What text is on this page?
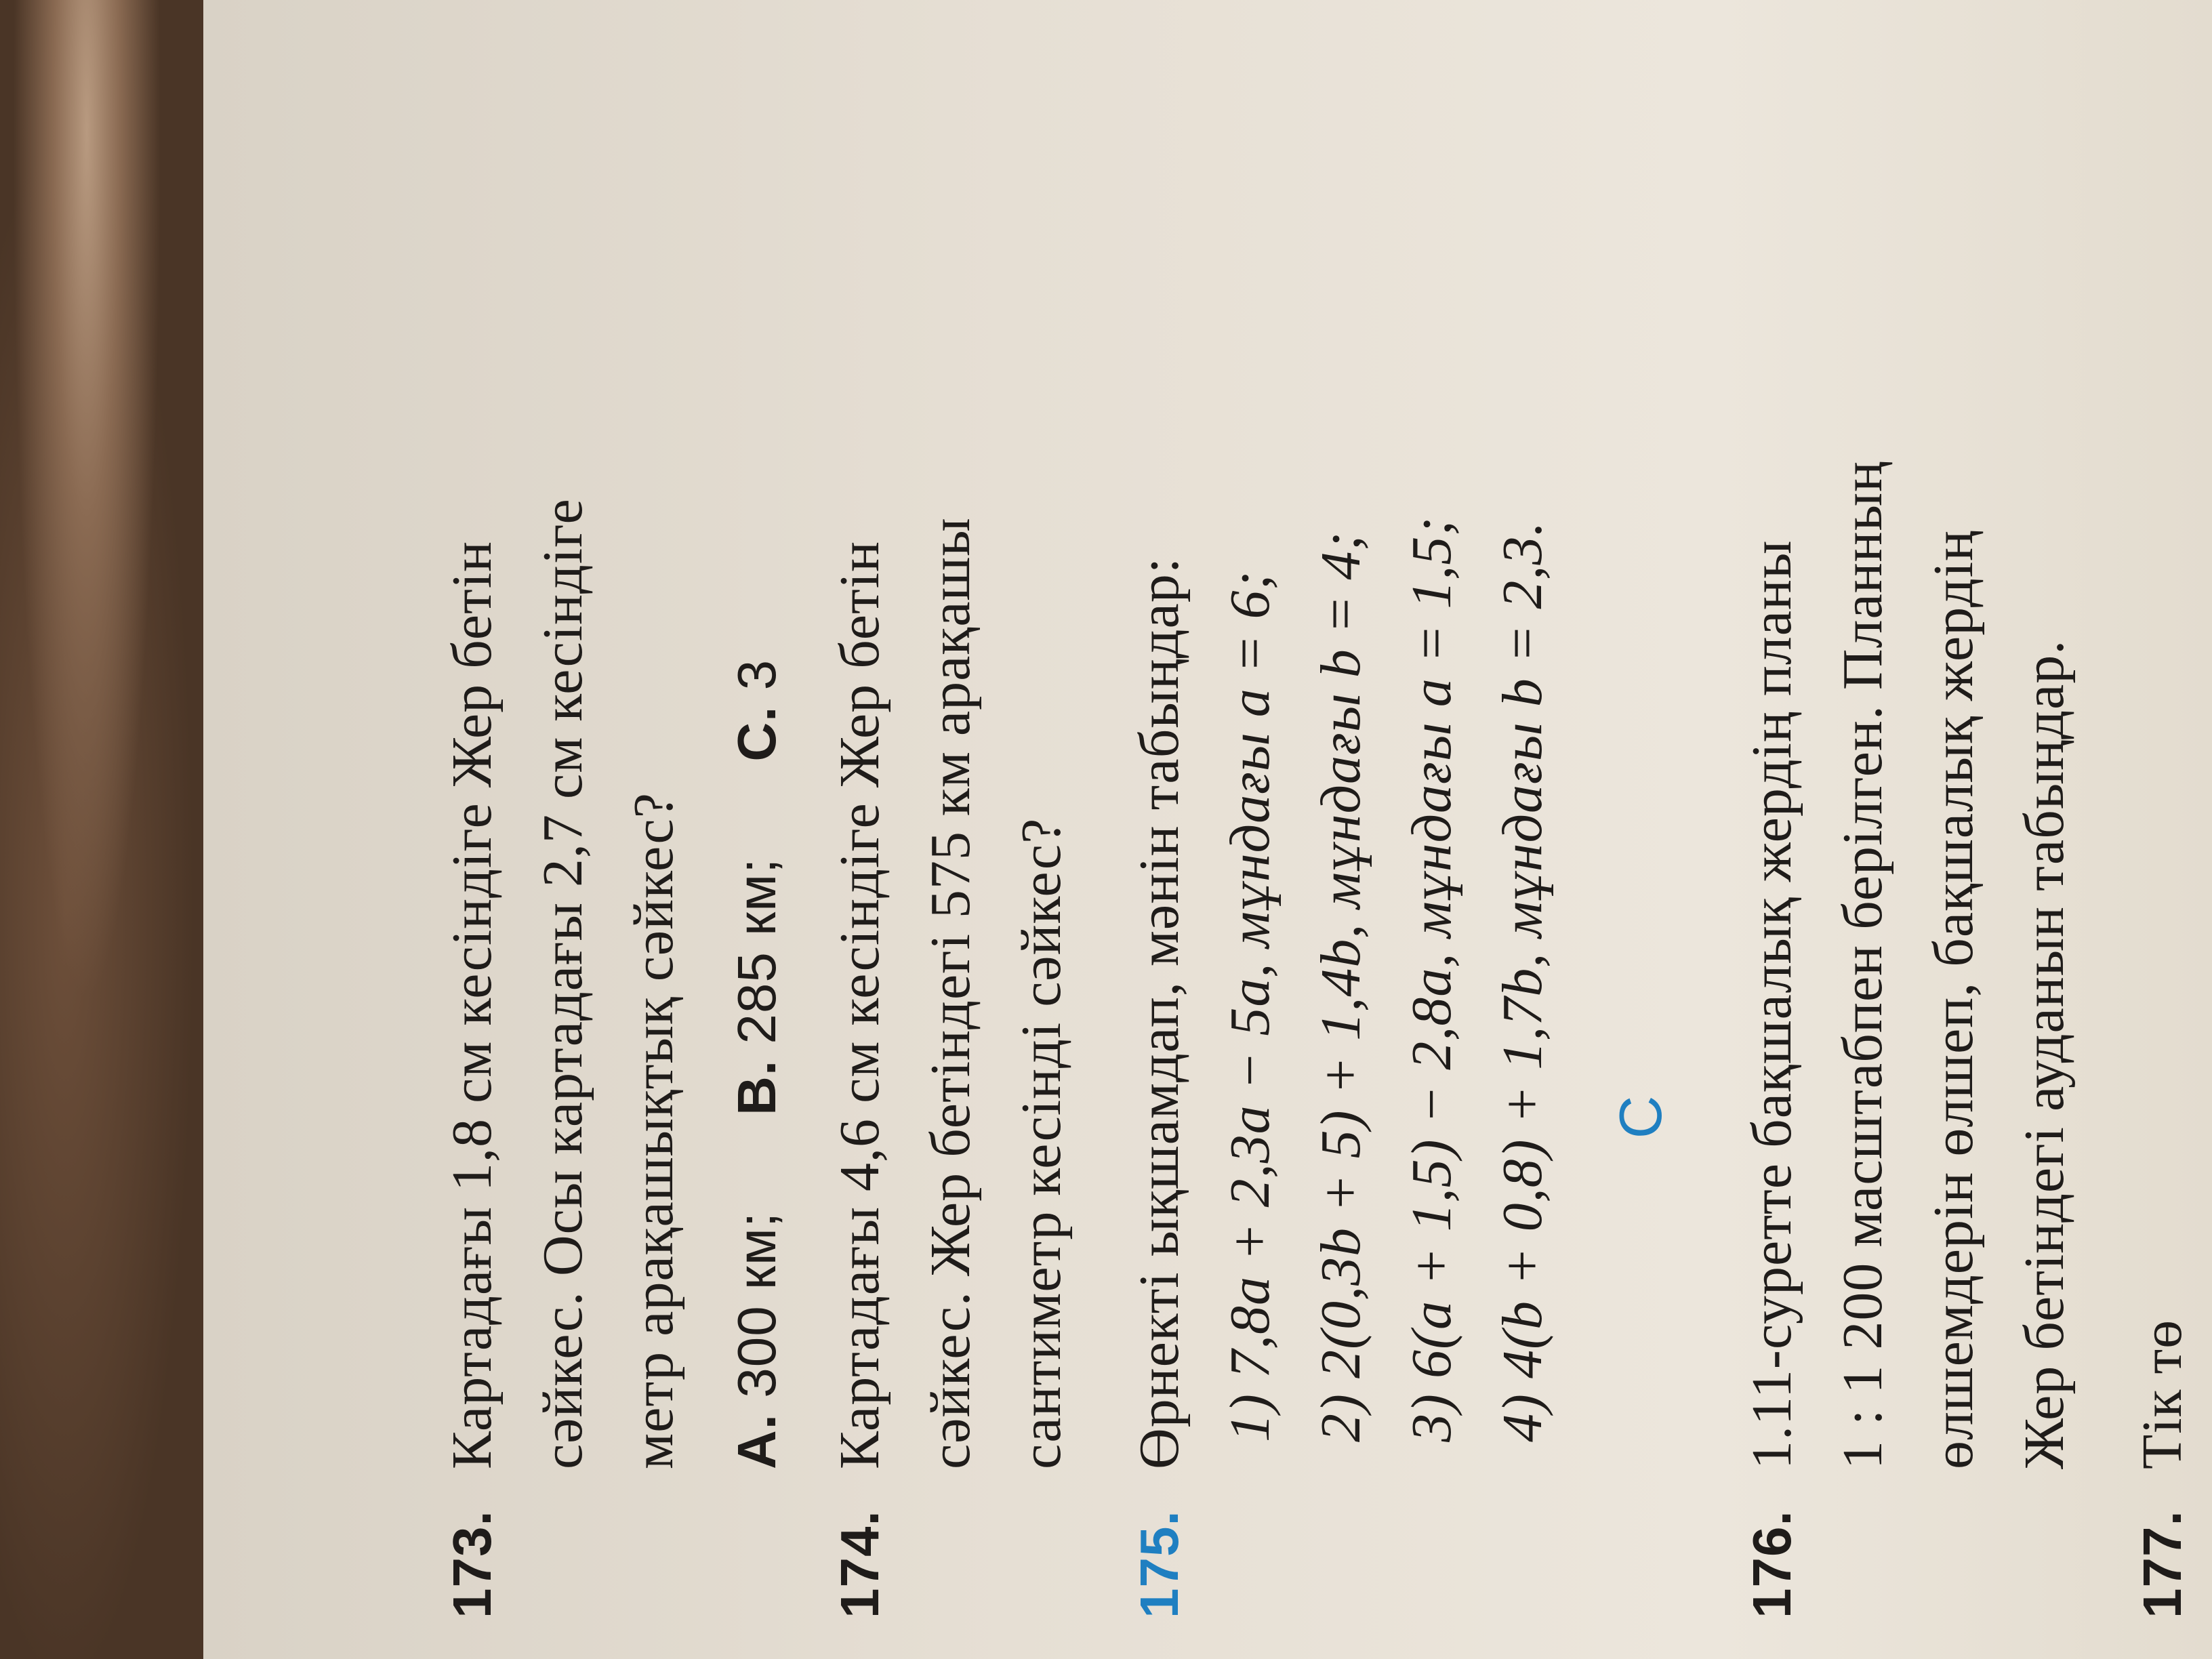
173.
Картадағы 1,8 см кесіндіге Жер бетін сәйкес. Осы картадағы 2,7 см кесіндіге метр арақашықтық сәйкес? A. 300 км; B. 285 км; C. 3
174.
Картадағы 4,6 см кесіндіге Жер бетін сәйкес. Жер бетіндегі 575 км арақашы сантиметр кесінді сәйкес?
175.
Өрнекті ықшамдап, мәнін табыңдар: 1) 7,8a + 2,3a − 5a, мұндағы a = 6; 2) 2(0,3b + 5) + 1,4b, мұндағы b = 4; 3) 6(a + 1,5) − 2,8a, мұндағы a = 1,5; 4) 4(b + 0,8) + 1,7b, мұндағы b = 2,3. C
176.
1.11-суретте бақшалық жердің планы 1 : 1 200 масштабпен берілген. Планның өлшемдерін өлшеп, бақшалық жердің Жер бетіндегі ауданын табыңдар.
177.
Тік тө
